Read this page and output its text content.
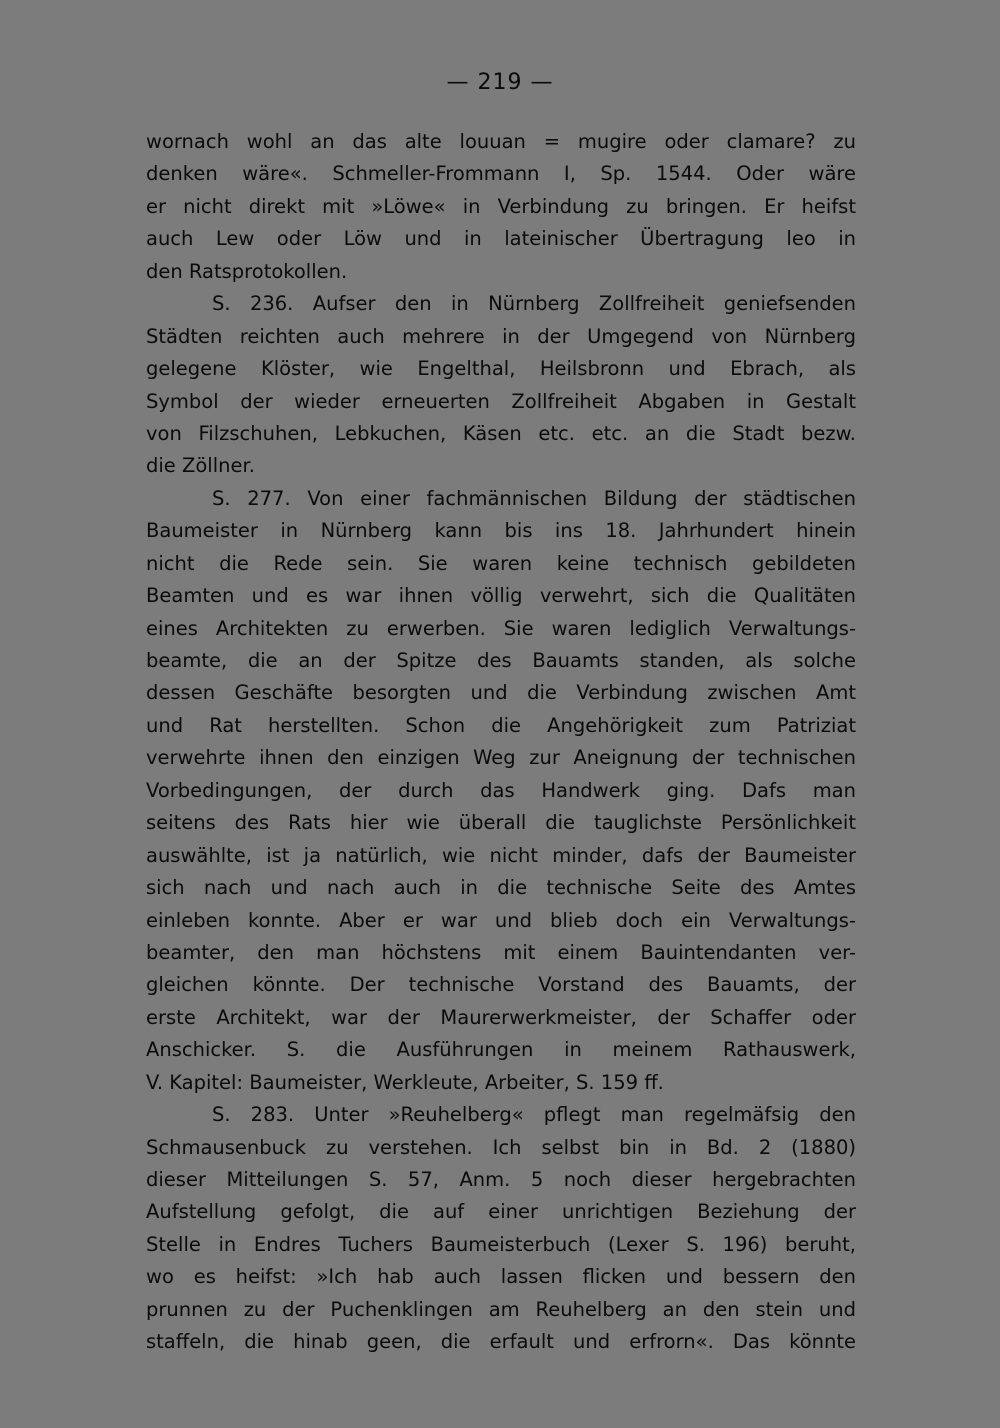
— 219 —
wornach wohl an das alte louuan = mugire oder clamare? zu
denken wäre«. Schmeller-Frommann I, Sp. 1544. Oder wäre
er nicht direkt mit »Löwe« in Verbindung zu bringen. Er heifst
auch Lew oder Löw und in lateinischer Übertragung leo in
den Ratsprotokollen.
S. 236. Aufser den in Nürnberg Zollfreiheit geniefsenden
Städten reichten auch mehrere in der Umgegend von Nürnberg
gelegene Klöster, wie Engelthal, Heilsbronn und Ebrach, als
Symbol der wieder erneuerten Zollfreiheit Abgaben in Gestalt
von Filzschuhen, Lebkuchen, Käsen etc. etc. an die Stadt bezw.
die Zöllner.
S. 277. Von einer fachmännischen Bildung der städtischen
Baumeister in Nürnberg kann bis ins 18. Jahrhundert hinein
nicht die Rede sein. Sie waren keine technisch gebildeten
Beamten und es war ihnen völlig verwehrt, sich die Qualitäten
eines Architekten zu erwerben. Sie waren lediglich Verwaltungs-
beamte, die an der Spitze des Bauamts standen, als solche
dessen Geschäfte besorgten und die Verbindung zwischen Amt
und Rat herstellten. Schon die Angehörigkeit zum Patriziat
verwehrte ihnen den einzigen Weg zur Aneignung der technischen
Vorbedingungen, der durch das Handwerk ging. Dafs man
seitens des Rats hier wie überall die tauglichste Persönlichkeit
auswählte, ist ja natürlich, wie nicht minder, dafs der Baumeister
sich nach und nach auch in die technische Seite des Amtes
einleben konnte. Aber er war und blieb doch ein Verwaltungs-
beamter, den man höchstens mit einem Bauintendanten ver-
gleichen könnte. Der technische Vorstand des Bauamts, der
erste Architekt, war der Maurerwerkmeister, der Schaffer oder
Anschicker. S. die Ausführungen in meinem Rathauswerk,
V. Kapitel: Baumeister, Werkleute, Arbeiter, S. 159 ff.
S. 283. Unter »Reuhelberg« pflegt man regelmäfsig den
Schmausenbuck zu verstehen. Ich selbst bin in Bd. 2 (1880)
dieser Mitteilungen S. 57, Anm. 5 noch dieser hergebrachten
Aufstellung gefolgt, die auf einer unrichtigen Beziehung der
Stelle in Endres Tuchers Baumeisterbuch (Lexer S. 196) beruht,
wo es heifst: »Ich hab auch lassen flicken und bessern den
prunnen zu der Puchenklingen am Reuhelberg an den stein und
staffeln, die hinab geen, die erfault und erfrorn«. Das könnte
